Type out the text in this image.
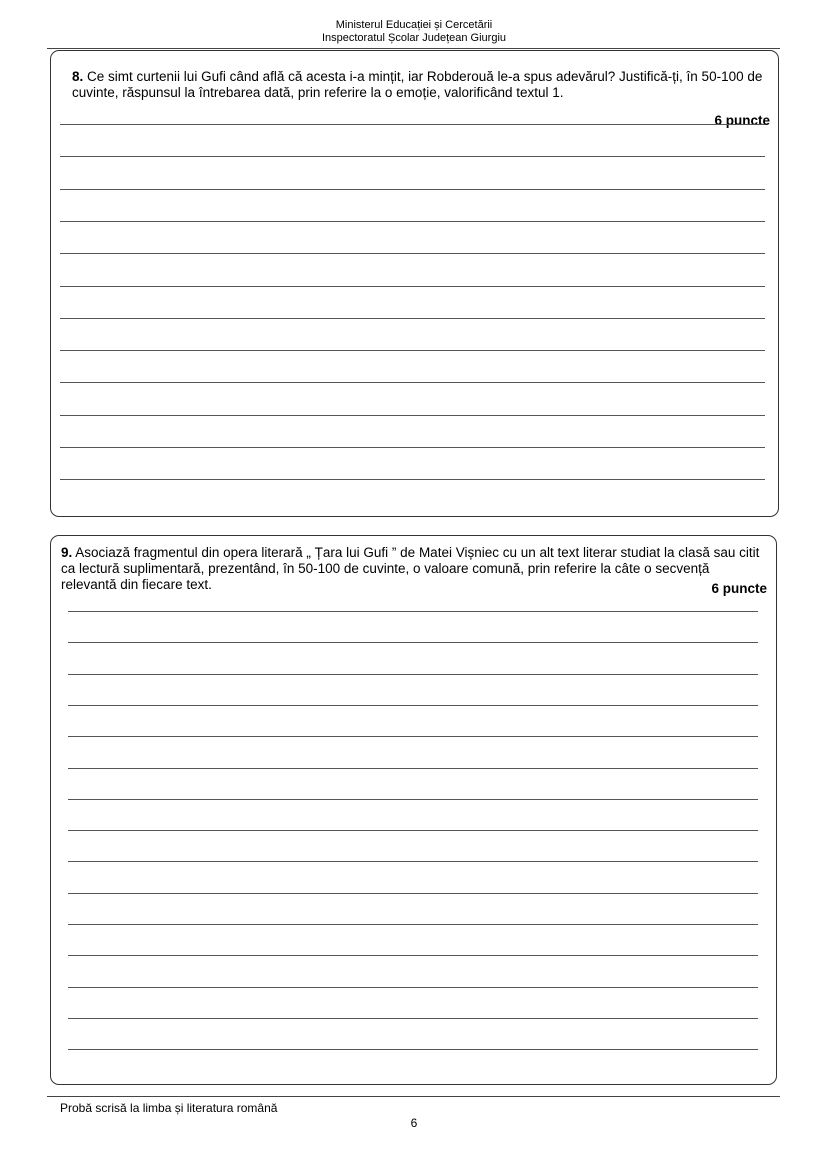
Ministerul Educației și Cercetării
Inspectoratul Școlar Județean Giurgiu
8. Ce simt curtenii lui Gufi când află că acesta i-a mințit, iar Robderouă le-a spus adevărul? Justifică-ți, în 50-100 de cuvinte, răspunsul la întrebarea dată, prin referire la o emoție, valorificând textul 1.
6 puncte
9. Asociază fragmentul din opera literară „ Țara lui Gufi ” de Matei Vișniec cu un alt text literar studiat la clasă sau citit ca lectură suplimentară, prezentând, în 50-100 de cuvinte, o valoare comună, prin referire la câte o secvență relevantă din fiecare text.	6 puncte
Probă scrisă la limba și literatura română
6
